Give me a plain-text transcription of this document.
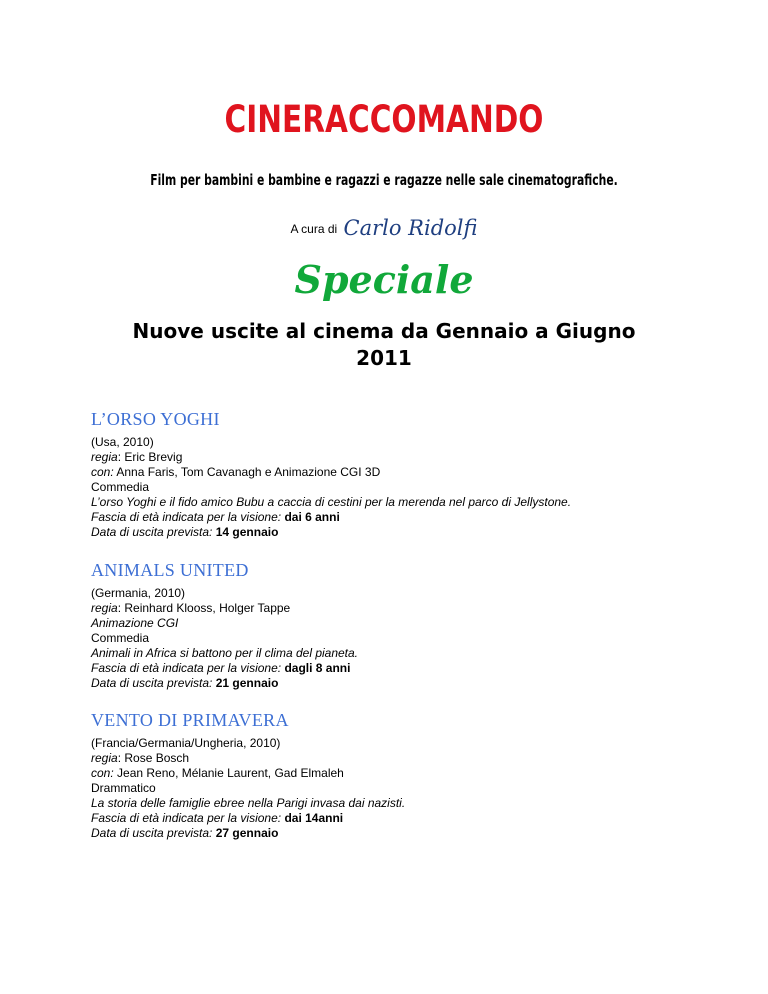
CINERACCOMANDO
Film per bambini e bambine e ragazzi e ragazze nelle sale cinematografiche.
A cura di Carlo Ridolfi
Speciale
Nuove uscite al cinema da Gennaio a Giugno
2011
L’ORSO YOGHI
(Usa, 2010)
regia: Eric Brevig
con: Anna Faris, Tom Cavanagh e Animazione CGI 3D
Commedia
L’orso Yoghi e il fido amico Bubu a caccia di cestini per la merenda nel parco di Jellystone.
Fascia di età indicata per la visione: dai 6 anni
Data di uscita prevista: 14 gennaio
ANIMALS UNITED
(Germania, 2010)
regia: Reinhard Klooss, Holger Tappe
Animazione CGI
Commedia
Animali in Africa si battono per il clima del pianeta.
Fascia di età indicata per la visione: dagli 8 anni
Data di uscita prevista: 21 gennaio
VENTO DI PRIMAVERA
(Francia/Germania/Ungheria, 2010)
regia: Rose Bosch
con: Jean Reno, Mélanie Laurent, Gad Elmaleh
Drammatico
La storia delle famiglie ebree nella Parigi invasa dai nazisti.
Fascia di età indicata per la visione: dai 14anni
Data di uscita prevista: 27 gennaio
